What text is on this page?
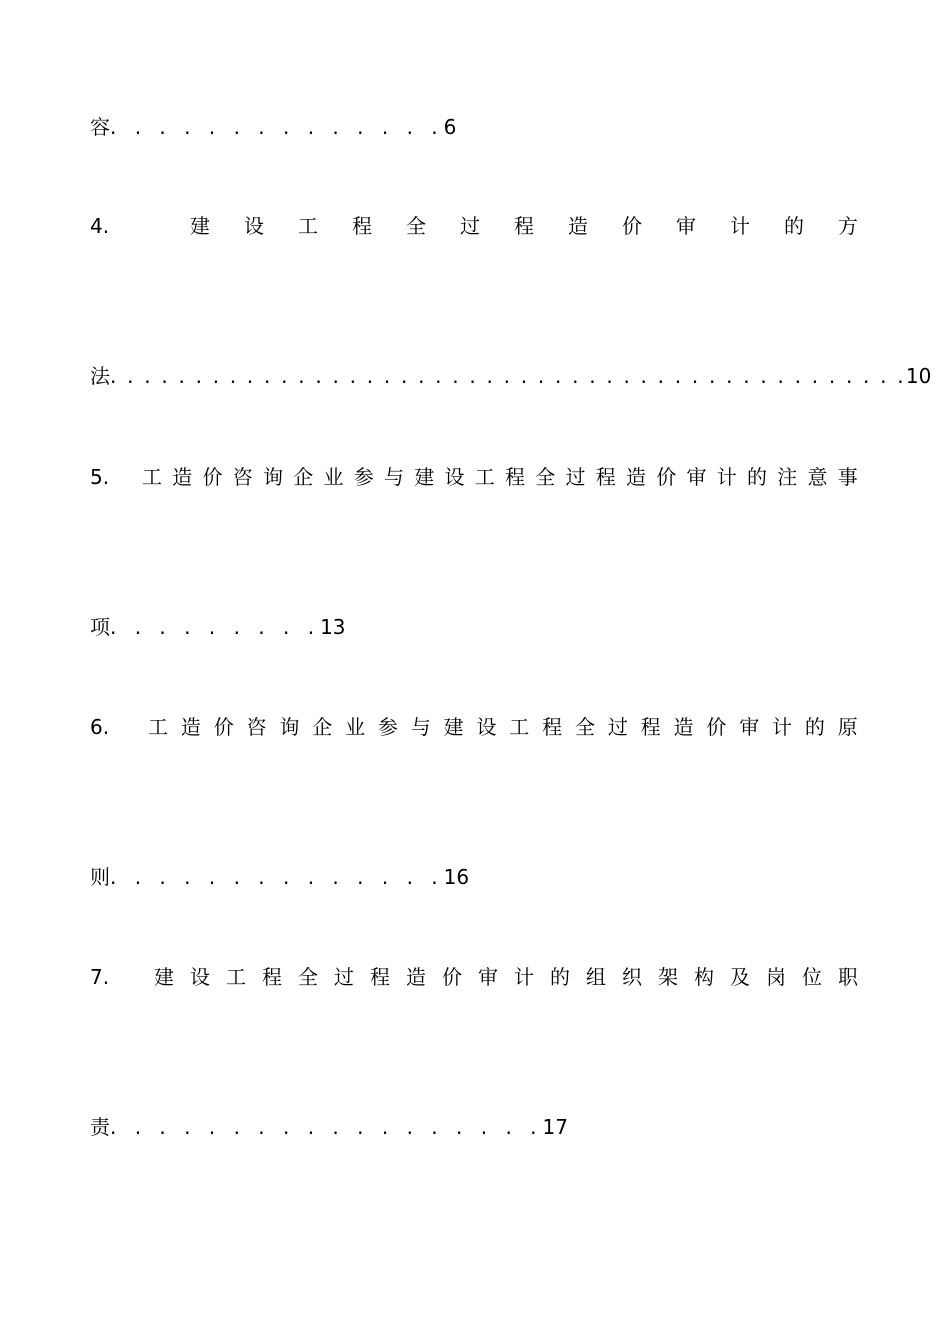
容. . . . . . . . . . . . . .6
4.	建 设 工 程 全 过 程 造 价 审 计 的 方
法. . . . . . . . . . . . . . . . . . . . . . . . . . . . . . . . . . . . . . . . . . . . . . .10
5.	工 造 价 咨 询 企 业 参 与 建 设 工 程 全 过 程 造 价 审 计 的 注 意 事
项. . . . . . . . .13
6.	工 造 价 咨 询 企 业 参 与 建 设 工 程 全 过 程 造 价 审 计 的 原
则. . . . . . . . . . . . . .16
7.	建 设 工 程 全 过 程 造 价 审 计 的 组 织 架 构 及 岗 位 职
责. . . . . . . . . . . . . . . . . .17
